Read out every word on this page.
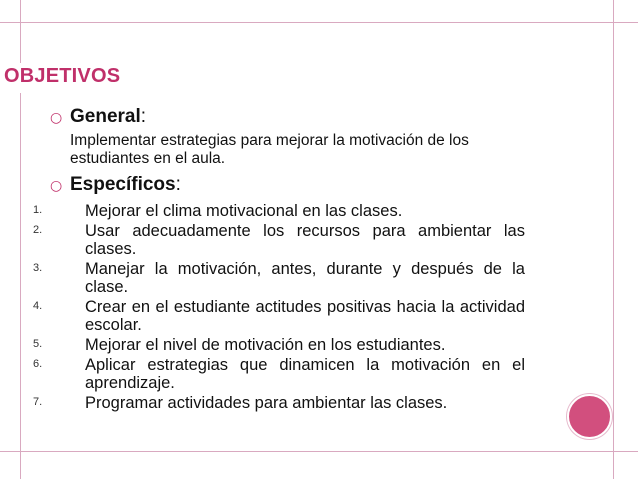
OBJETIVOS
○ General:
Implementar estrategias para mejorar la motivación de los estudiantes en el aula.
○ Específicos:
1.	Mejorar el clima motivacional en las clases.
2.	Usar adecuadamente los recursos para ambientar las clases.
3.	Manejar la motivación, antes, durante y después de la clase.
4.	Crear en el estudiante actitudes positivas hacia la actividad escolar.
5.	Mejorar el nivel de motivación en los estudiantes.
6.	Aplicar estrategias que dinamicen la motivación en el aprendizaje.
7.	Programar actividades para ambientar las clases.
